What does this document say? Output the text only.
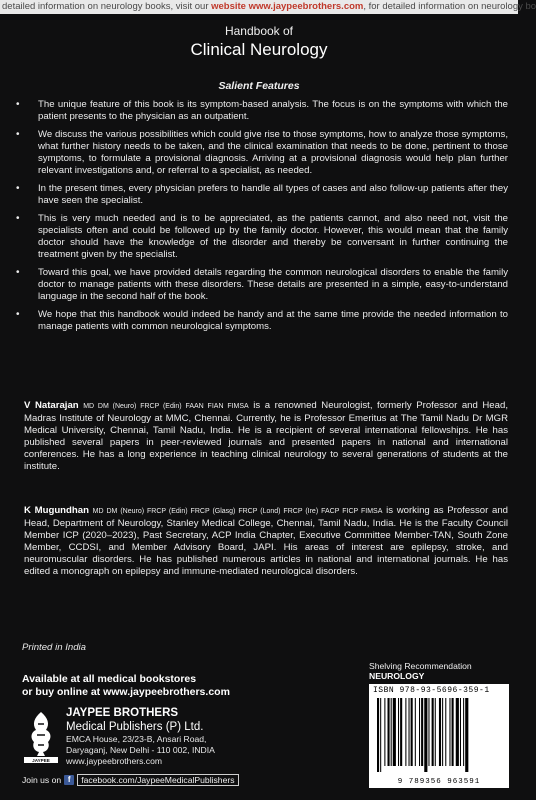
detailed information on neurology books, visit our website www.jaypeebrothers.com, for detailed information on neurology bo
Handbook of
Clinical Neurology
Salient Features
• The unique feature of this book is its symptom-based analysis. The focus is on the symptoms with which the patient presents to the physician as an outpatient.
• We discuss the various possibilities which could give rise to those symptoms, how to analyze those symptoms, what further history needs to be taken, and the clinical examination that needs to be done, pertinent to those symptoms, to formulate a provisional diagnosis. Arriving at a provisional diagnosis would help plan further relevant investigations and, or referral to a specialist, as needed.
• In the present times, every physician prefers to handle all types of cases and also follow-up patients after they have seen the specialist.
• This is very much needed and is to be appreciated, as the patients cannot, and also need not, visit the specialists often and could be followed up by the family doctor. However, this would mean that the family doctor should have the knowledge of the disorder and thereby be conversant in further continuing the treatment given by the specialist.
• Toward this goal, we have provided details regarding the common neurological disorders to enable the family doctor to manage patients with these disorders. These details are presented in a simple, easy-to-understand language in the second half of the book.
• We hope that this handbook would indeed be handy and at the same time provide the needed information to manage patients with common neurological symptoms.

V Natarajan MD DM (Neuro) FRCP (Edin) FAAN FIAN FIMSA is a renowned Neurologist, formerly Professor and Head, Madras Institute of Neurology at MMC, Chennai. Currently, he is Professor Emeritus at The Tamil Nadu Dr MGR Medical University, Chennai, Tamil Nadu, India. He is a recipient of several international fellowships. He has published several papers in peer-reviewed journals and presented papers in national and international conferences. He has a long experience in teaching clinical neurology to several generations of students at the institute.

K Mugundhan MD DM (Neuro) FRCP (Edin) FRCP (Glasg) FRCP (Lond) FRCP (Ire) FACP FICP FIMSA is working as Professor and Head, Department of Neurology, Stanley Medical College, Chennai, Tamil Nadu, India. He is the Faculty Council Member ICP (2020–2023), Past Secretary, ACP India Chapter, Executive Committee Member-TAN, South Zone Member, CCDSI, and Member Advisory Board, JAPI. His areas of interest are epilepsy, stroke, and neuromuscular disorders. He has published numerous articles in national and international journals. He has edited a monograph on epilepsy and immune-mediated neurological disorders.

Printed in India
Available at all medical bookstores
or buy online at www.jaypeebrothers.com
JAYPEE
JAYPEE BROTHERS
Medical Publishers (P) Ltd.
EMCA House, 23/23-B, Ansari Road,
Daryaganj, New Delhi - 110 002, INDIA
www.jaypeebrothers.com
Join us on f	facebook.com/JaypeeMedicalPublishers
Shelving Recommendation
NEUROLOGY
ISBN 978-93-5696-359-1
9 789356 963591
